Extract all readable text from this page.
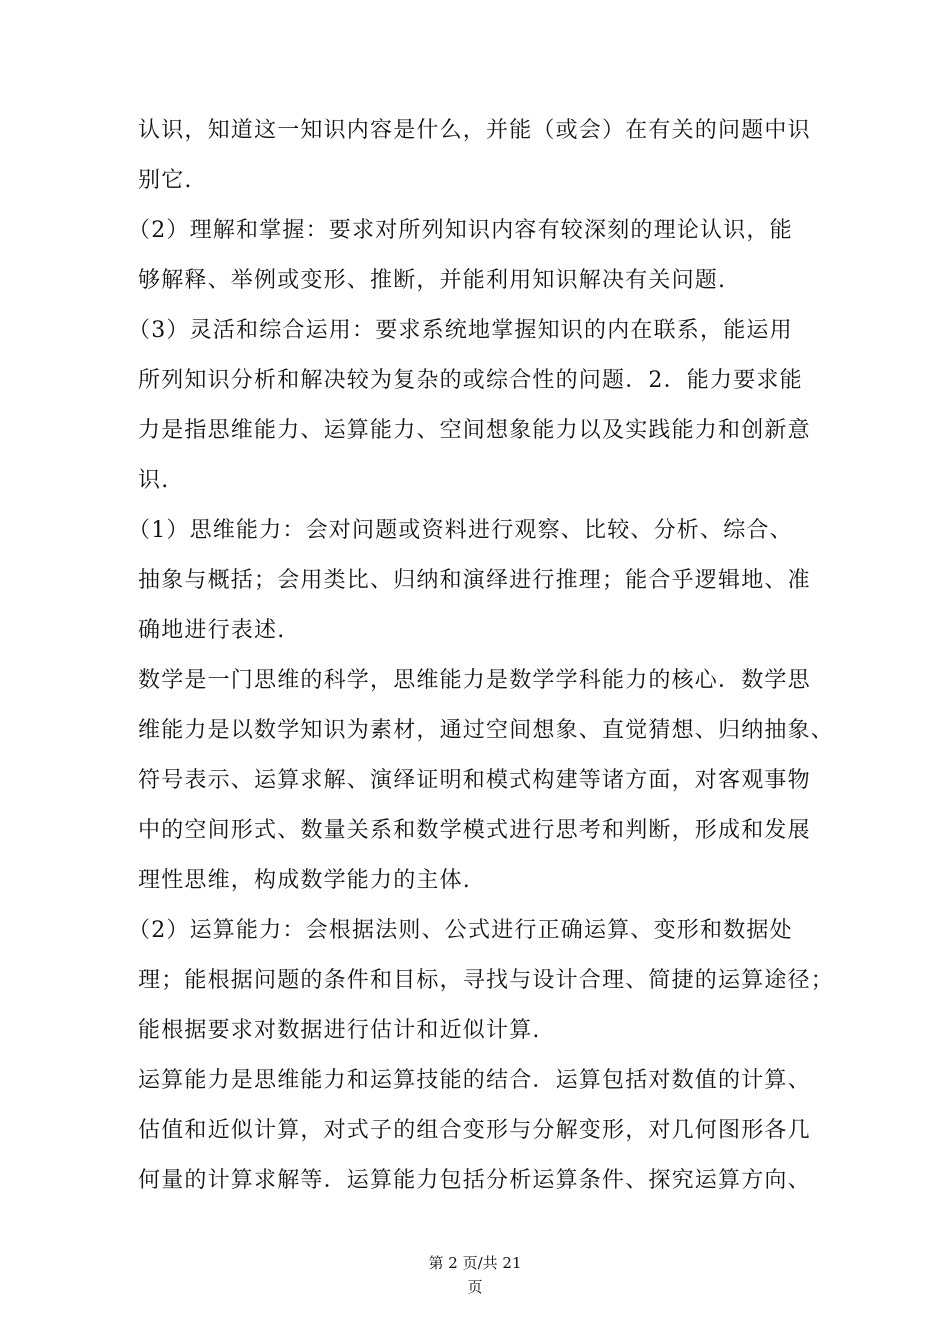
认识，知道这一知识内容是什么，并能（或会）在有关的问题中识
别它.
（2）理解和掌握：要求对所列知识内容有较深刻的理论认识，能
够解释、举例或变形、推断，并能利用知识解决有关问题.
（3）灵活和综合运用：要求系统地掌握知识的内在联系，能运用
所列知识分析和解决较为复杂的或综合性的问题．2．能力要求能
力是指思维能力、运算能力、空间想象能力以及实践能力和创新意
识.
（1）思维能力：会对问题或资料进行观察、比较、分析、综合、
抽象与概括；会用类比、归纳和演绎进行推理；能合乎逻辑地、准
确地进行表述.
数学是一门思维的科学，思维能力是数学学科能力的核心．数学思
维能力是以数学知识为素材，通过空间想象、直觉猜想、归纳抽象、
符号表示、运算求解、演绎证明和模式构建等诸方面，对客观事物
中的空间形式、数量关系和数学模式进行思考和判断，形成和发展
理性思维，构成数学能力的主体.
（2）运算能力：会根据法则、公式进行正确运算、变形和数据处
理；能根据问题的条件和目标，寻找与设计合理、简捷的运算途径；
能根据要求对数据进行估计和近似计算.
运算能力是思维能力和运算技能的结合．运算包括对数值的计算、
估值和近似计算，对式子的组合变形与分解变形，对几何图形各几
何量的计算求解等．运算能力包括分析运算条件、探究运算方向、
第 2 页/共 21
页
